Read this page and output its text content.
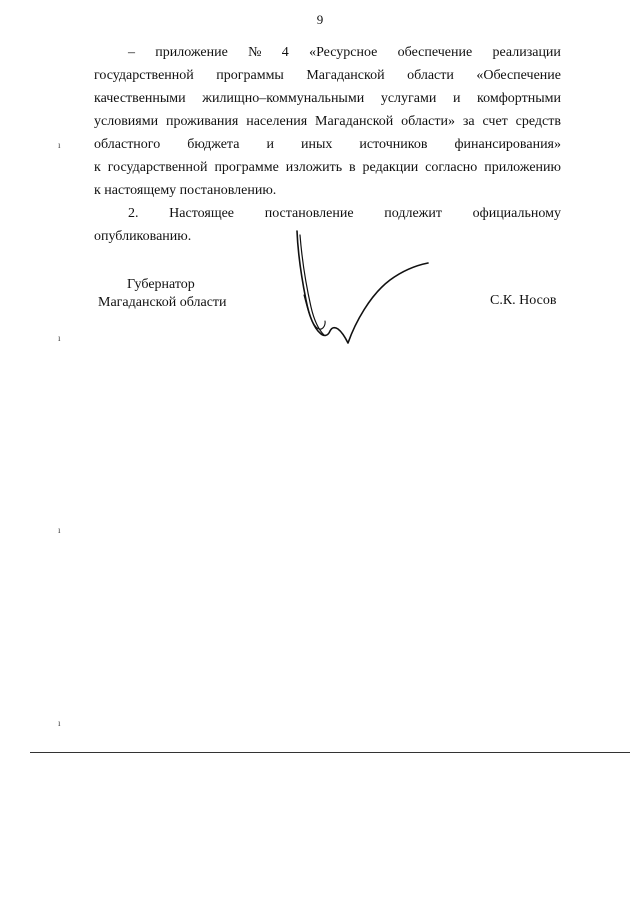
9
– приложение № 4 «Ресурсное обеспечение реализации
государственной программы Магаданской области «Обеспечение
качественными жилищно–коммунальными услугами и комфортными
условиями проживания населения Магаданской области» за счет средств
областного бюджета и иных источников финансирования»
к государственной программе изложить в редакции согласно приложению
к настоящему постановлению.
2. Настоящее постановление подлежит официальному
опубликованию.
Губернатор
Магаданской области	С.К. Носов
ı
ı
ı
ı
